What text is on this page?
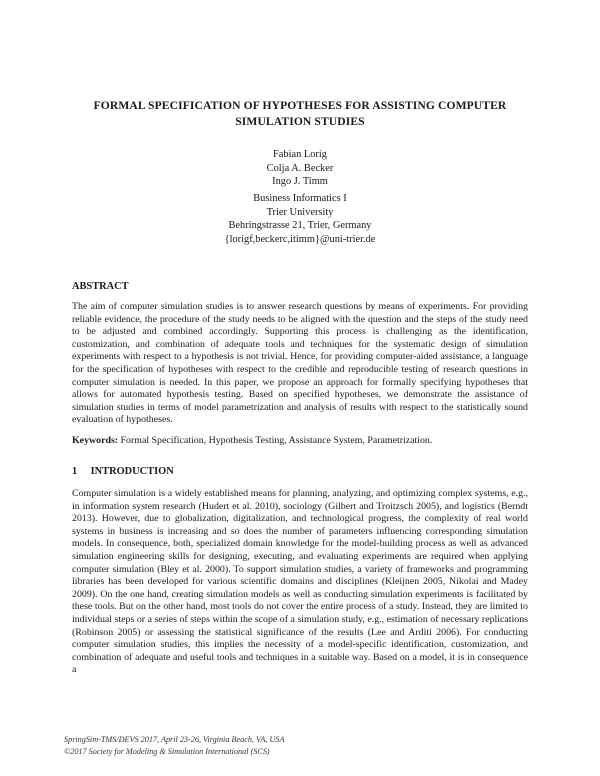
FORMAL SPECIFICATION OF HYPOTHESES FOR ASSISTING COMPUTER
SIMULATION STUDIES
Fabian Lorig
Colja A. Becker
Ingo J. Timm
Business Informatics I
Trier University
Behringstrasse 21, Trier, Germany
{lorigf,beckerc,itimm}@uni-trier.de
ABSTRACT
The aim of computer simulation studies is to answer research questions by means of experiments. For providing reliable evidence, the procedure of the study needs to be aligned with the question and the steps of the study need to be adjusted and combined accordingly. Supporting this process is challenging as the identification, customization, and combination of adequate tools and techniques for the systematic design of simulation experiments with respect to a hypothesis is not trivial. Hence, for providing computer-aided assistance, a language for the specification of hypotheses with respect to the credible and reproducible testing of research questions in computer simulation is needed. In this paper, we propose an approach for formally specifying hypotheses that allows for automated hypothesis testing. Based on specified hypotheses, we demonstrate the assistance of simulation studies in terms of model parametrization and analysis of results with respect to the statistically sound evaluation of hypotheses.
Keywords: Formal Specification, Hypothesis Testing, Assistance System, Parametrization.
1 INTRODUCTION
Computer simulation is a widely established means for planning, analyzing, and optimizing complex systems, e.g., in information system research (Hudert et al. 2010), sociology (Gilbert and Troitzsch 2005), and logistics (Berndt 2013). However, due to globalization, digitalization, and technological progress, the complexity of real world systems in business is increasing and so does the number of parameters influencing corresponding simulation models. In consequence, both, specialized domain knowledge for the model-building process as well as advanced simulation engineering skills for designing, executing, and evaluating experiments are required when applying computer simulation (Bley et al. 2000). To support simulation studies, a variety of frameworks and programming libraries has been developed for various scientific domains and disciplines (Kleijnen 2005, Nikolai and Madey 2009). On the one hand, creating simulation models as well as conducting simulation experiments is facilitated by these tools. But on the other hand, most tools do not cover the entire process of a study. Instead, they are limited to individual steps or a series of steps within the scope of a simulation study, e.g., estimation of necessary replications (Robinson 2005) or assessing the statistical significance of the results (Lee and Arditi 2006). For conducting computer simulation studies, this implies the necessity of a model-specific identification, customization, and combination of adequate and useful tools and techniques in a suitable way. Based on a model, it is in consequence a
SpringSim-TMS/DEVS 2017, April 23-26, Virginia Beach, VA, USA
©2017 Society for Modeling & Simulation International (SCS)
